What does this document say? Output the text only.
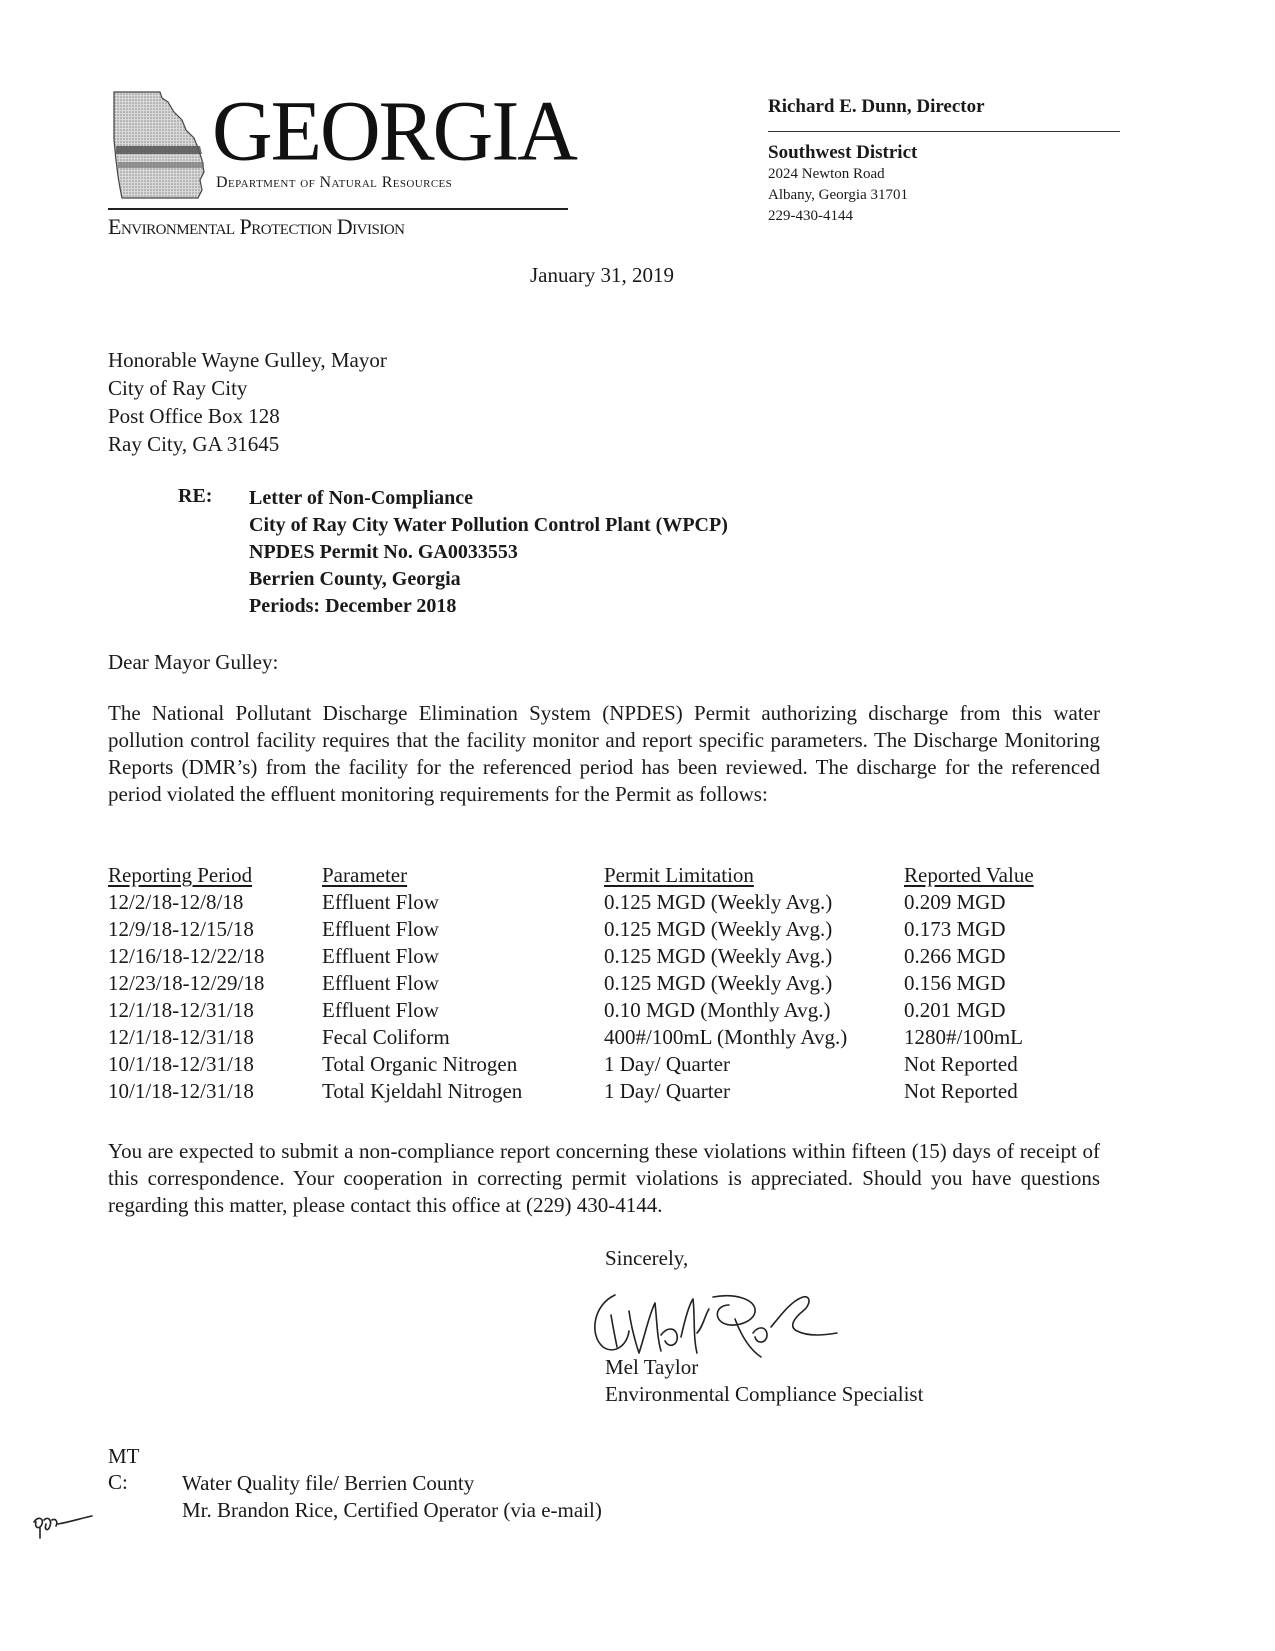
GEORGIA
Department of Natural Resources
Environmental Protection Division
Richard E. Dunn, Director
Southwest District
2024 Newton Road
Albany, Georgia 31701
229-430-4144
January 31, 2019
Honorable Wayne Gulley, Mayor
City of Ray City
Post Office Box 128
Ray City, GA 31645
RE: Letter of Non-Compliance
City of Ray City Water Pollution Control Plant (WPCP)
NPDES Permit No. GA0033553
Berrien County, Georgia
Periods: December 2018
Dear Mayor Gulley:
The National Pollutant Discharge Elimination System (NPDES) Permit authorizing discharge from this water pollution control facility requires that the facility monitor and report specific parameters. The Discharge Monitoring Reports (DMR’s) from the facility for the referenced period has been reviewed. The discharge for the referenced period violated the effluent monitoring requirements for the Permit as follows:
Reporting Period	Parameter	Permit Limitation	Reported Value
12/2/18-12/8/18	Effluent Flow	0.125 MGD (Weekly Avg.)	0.209 MGD
12/9/18-12/15/18	Effluent Flow	0.125 MGD (Weekly Avg.)	0.173 MGD
12/16/18-12/22/18	Effluent Flow	0.125 MGD (Weekly Avg.)	0.266 MGD
12/23/18-12/29/18	Effluent Flow	0.125 MGD (Weekly Avg.)	0.156 MGD
12/1/18-12/31/18	Effluent Flow	0.10 MGD (Monthly Avg.)	0.201 MGD
12/1/18-12/31/18	Fecal Coliform	400#/100mL (Monthly Avg.)	1280#/100mL
10/1/18-12/31/18	Total Organic Nitrogen	1 Day/ Quarter	Not Reported
10/1/18-12/31/18	Total Kjeldahl Nitrogen	1 Day/ Quarter	Not Reported
You are expected to submit a non-compliance report concerning these violations within fifteen (15) days of receipt of this correspondence. Your cooperation in correcting permit violations is appreciated. Should you have questions regarding this matter, please contact this office at (229) 430-4144.
Sincerely,
Mel Taylor
Environmental Compliance Specialist
MT
C:	Water Quality file/ Berrien County
Mr. Brandon Rice, Certified Operator (via e-mail)
